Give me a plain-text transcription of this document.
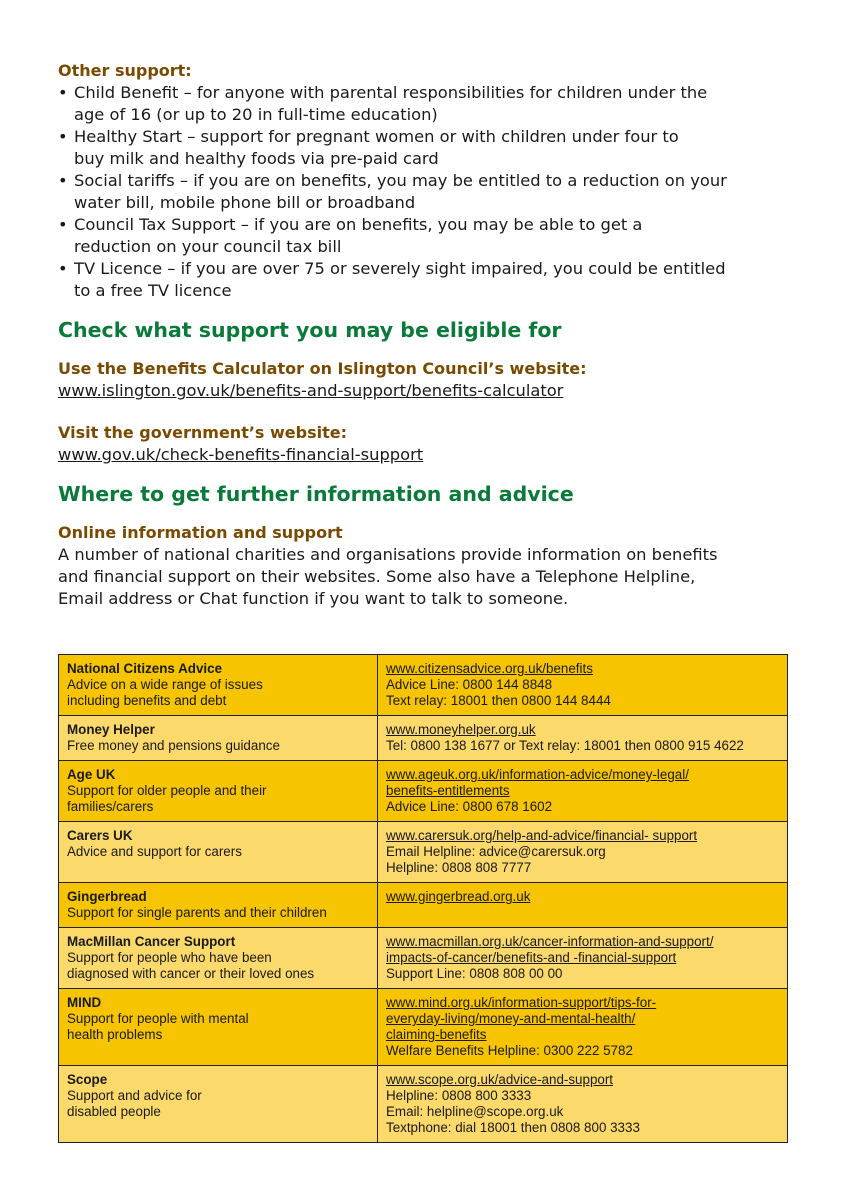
Other support:
• Child Benefit – for anyone with parental responsibilities for children under the
age of 16 (or up to 20 in full-time education)
• Healthy Start – support for pregnant women or with children under four to
buy milk and healthy foods via pre-paid card
• Social tariffs – if you are on benefits, you may be entitled to a reduction on your
water bill, mobile phone bill or broadband
• Council Tax Support – if you are on benefits, you may be able to get a
reduction on your council tax bill
• TV Licence – if you are over 75 or severely sight impaired, you could be entitled
to a free TV licence
Check what support you may be eligible for
Use the Benefits Calculator on Islington Council’s website:
www.islington.gov.uk/benefits-and-support/benefits-calculator
Visit the government’s website:
www.gov.uk/check-benefits-financial-support
Where to get further information and advice
Online information and support

A number of national charities and organisations provide information on benefits
and financial support on their websites. Some also have a Telephone Helpline,
Email address or Chat function if you want to talk to someone.

National Citizens Advice
Advice on a wide range of issues
including benefits and debt	www.citizensadvice.org.uk/benefits
Advice Line: 0800 144 8848
Text relay: 18001 then 0800 144 8444

Money Helper
Free money and pensions guidance	www.moneyhelper.org.uk
Tel: 0800 138 1677 or Text relay: 18001 then 0800 915 4622

Age UK
Support for older people and their
families/carers	www.ageuk.org.uk/information-advice/money-legal/
benefits-entitlements
Advice Line: 0800 678 1602

Carers UK
Advice and support for carers	www.carersuk.org/help-and-advice/financial- support
Email Helpline: advice@carersuk.org
Helpline: 0808 808 7777

Gingerbread
Support for single parents and their children	www.gingerbread.org.uk

MacMillan Cancer Support
Support for people who have been
diagnosed with cancer or their loved ones	www.macmillan.org.uk/cancer-information-and-support/
impacts-of-cancer/benefits-and -financial-support
Support Line: 0808 808 00 00

MIND
Support for people with mental
health problems	www.mind.org.uk/information-support/tips-for-
everyday-living/money-and-mental-health/
claiming-benefits
Welfare Benefits Helpline: 0300 222 5782

Scope
Support and advice for
disabled people	www.scope.org.uk/advice-and-support
Helpline: 0808 800 3333
Email: helpline@scope.org.uk
Textphone: dial 18001 then 0808 800 3333
